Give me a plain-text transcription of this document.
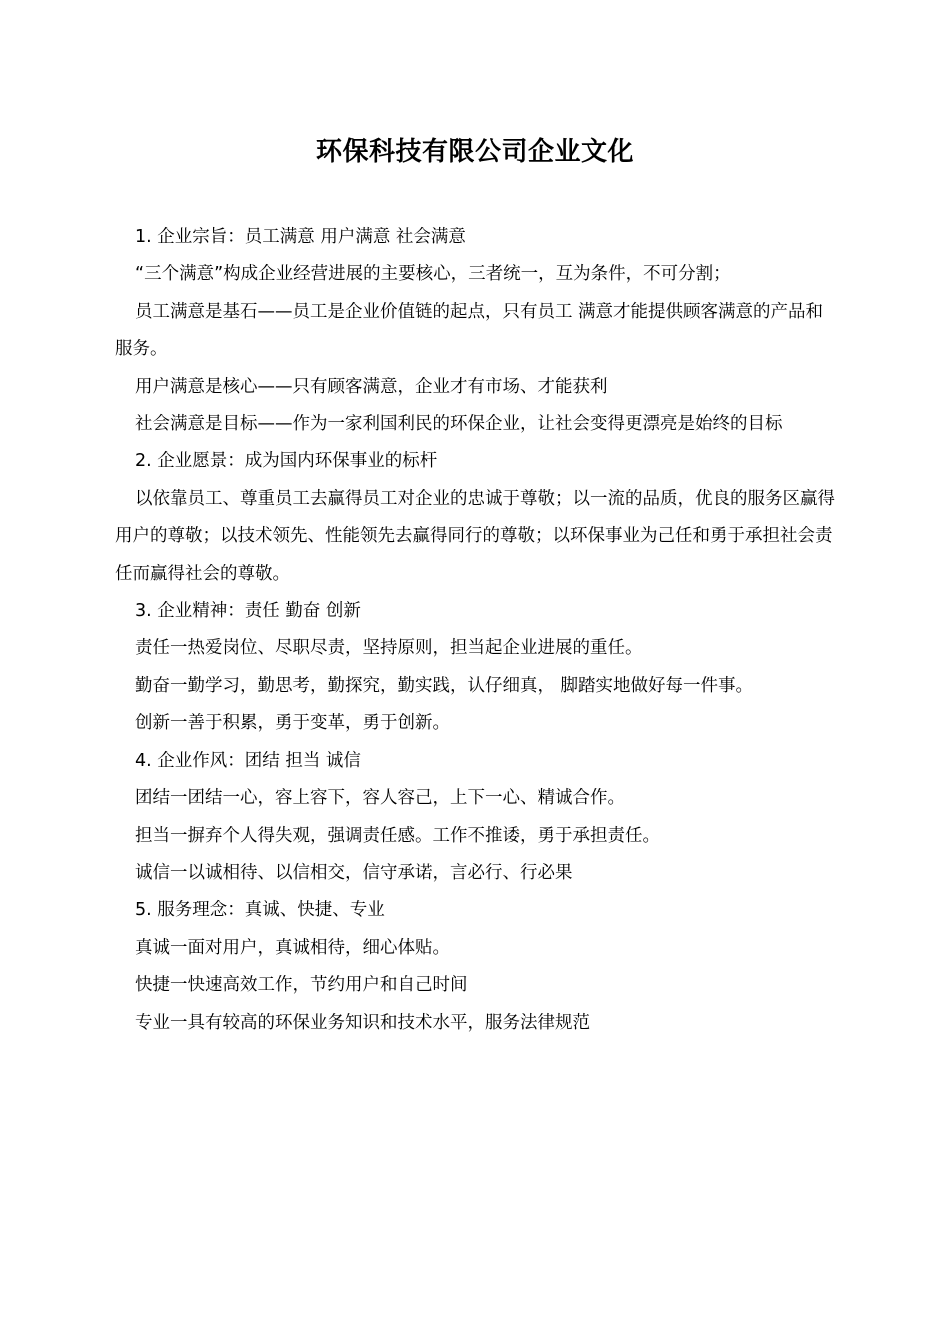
环保科技有限公司企业文化

1. 企业宗旨：员工满意 用户满意 社会满意

“三个满意”构成企业经营进展的主要核心，三者统一，互为条件，不可分割；

员工满意是基石——员工是企业价值链的起点，只有员工 满意才能提供顾客满意的产品和服务。

用户满意是核心——只有顾客满意，企业才有市场、才能获利

社会满意是目标——作为一家利国利民的环保企业，让社会变得更漂亮是始终的目标

2. 企业愿景：成为国内环保事业的标杆

以依靠员工、尊重员工去赢得员工对企业的忠诚于尊敬；以一流的品质，优良的服务区赢得用户的尊敬；以技术领先、性能领先去赢得同行的尊敬；以环保事业为己任和勇于承担社会责任而赢得社会的尊敬。

3. 企业精神：责任 勤奋 创新

责任一热爱岗位、尽职尽责，坚持原则，担当起企业进展的重任。

勤奋一勤学习，勤思考，勤探究，勤实践，认仔细真， 脚踏实地做好每一件事。

创新一善于积累，勇于变革，勇于创新。

4. 企业作风：团结 担当 诚信

团结一团结一心，容上容下，容人容己，上下一心、精诚合作。

担当一摒弃个人得失观，强调责任感。工作不推诿，勇于承担责任。

诚信一以诚相待、以信相交，信守承诺，言必行、行必果

5. 服务理念：真诚、快捷、专业

真诚一面对用户，真诚相待，细心体贴。

快捷一快速高效工作，节约用户和自己时间

专业一具有较高的环保业务知识和技术水平，服务法律规范
